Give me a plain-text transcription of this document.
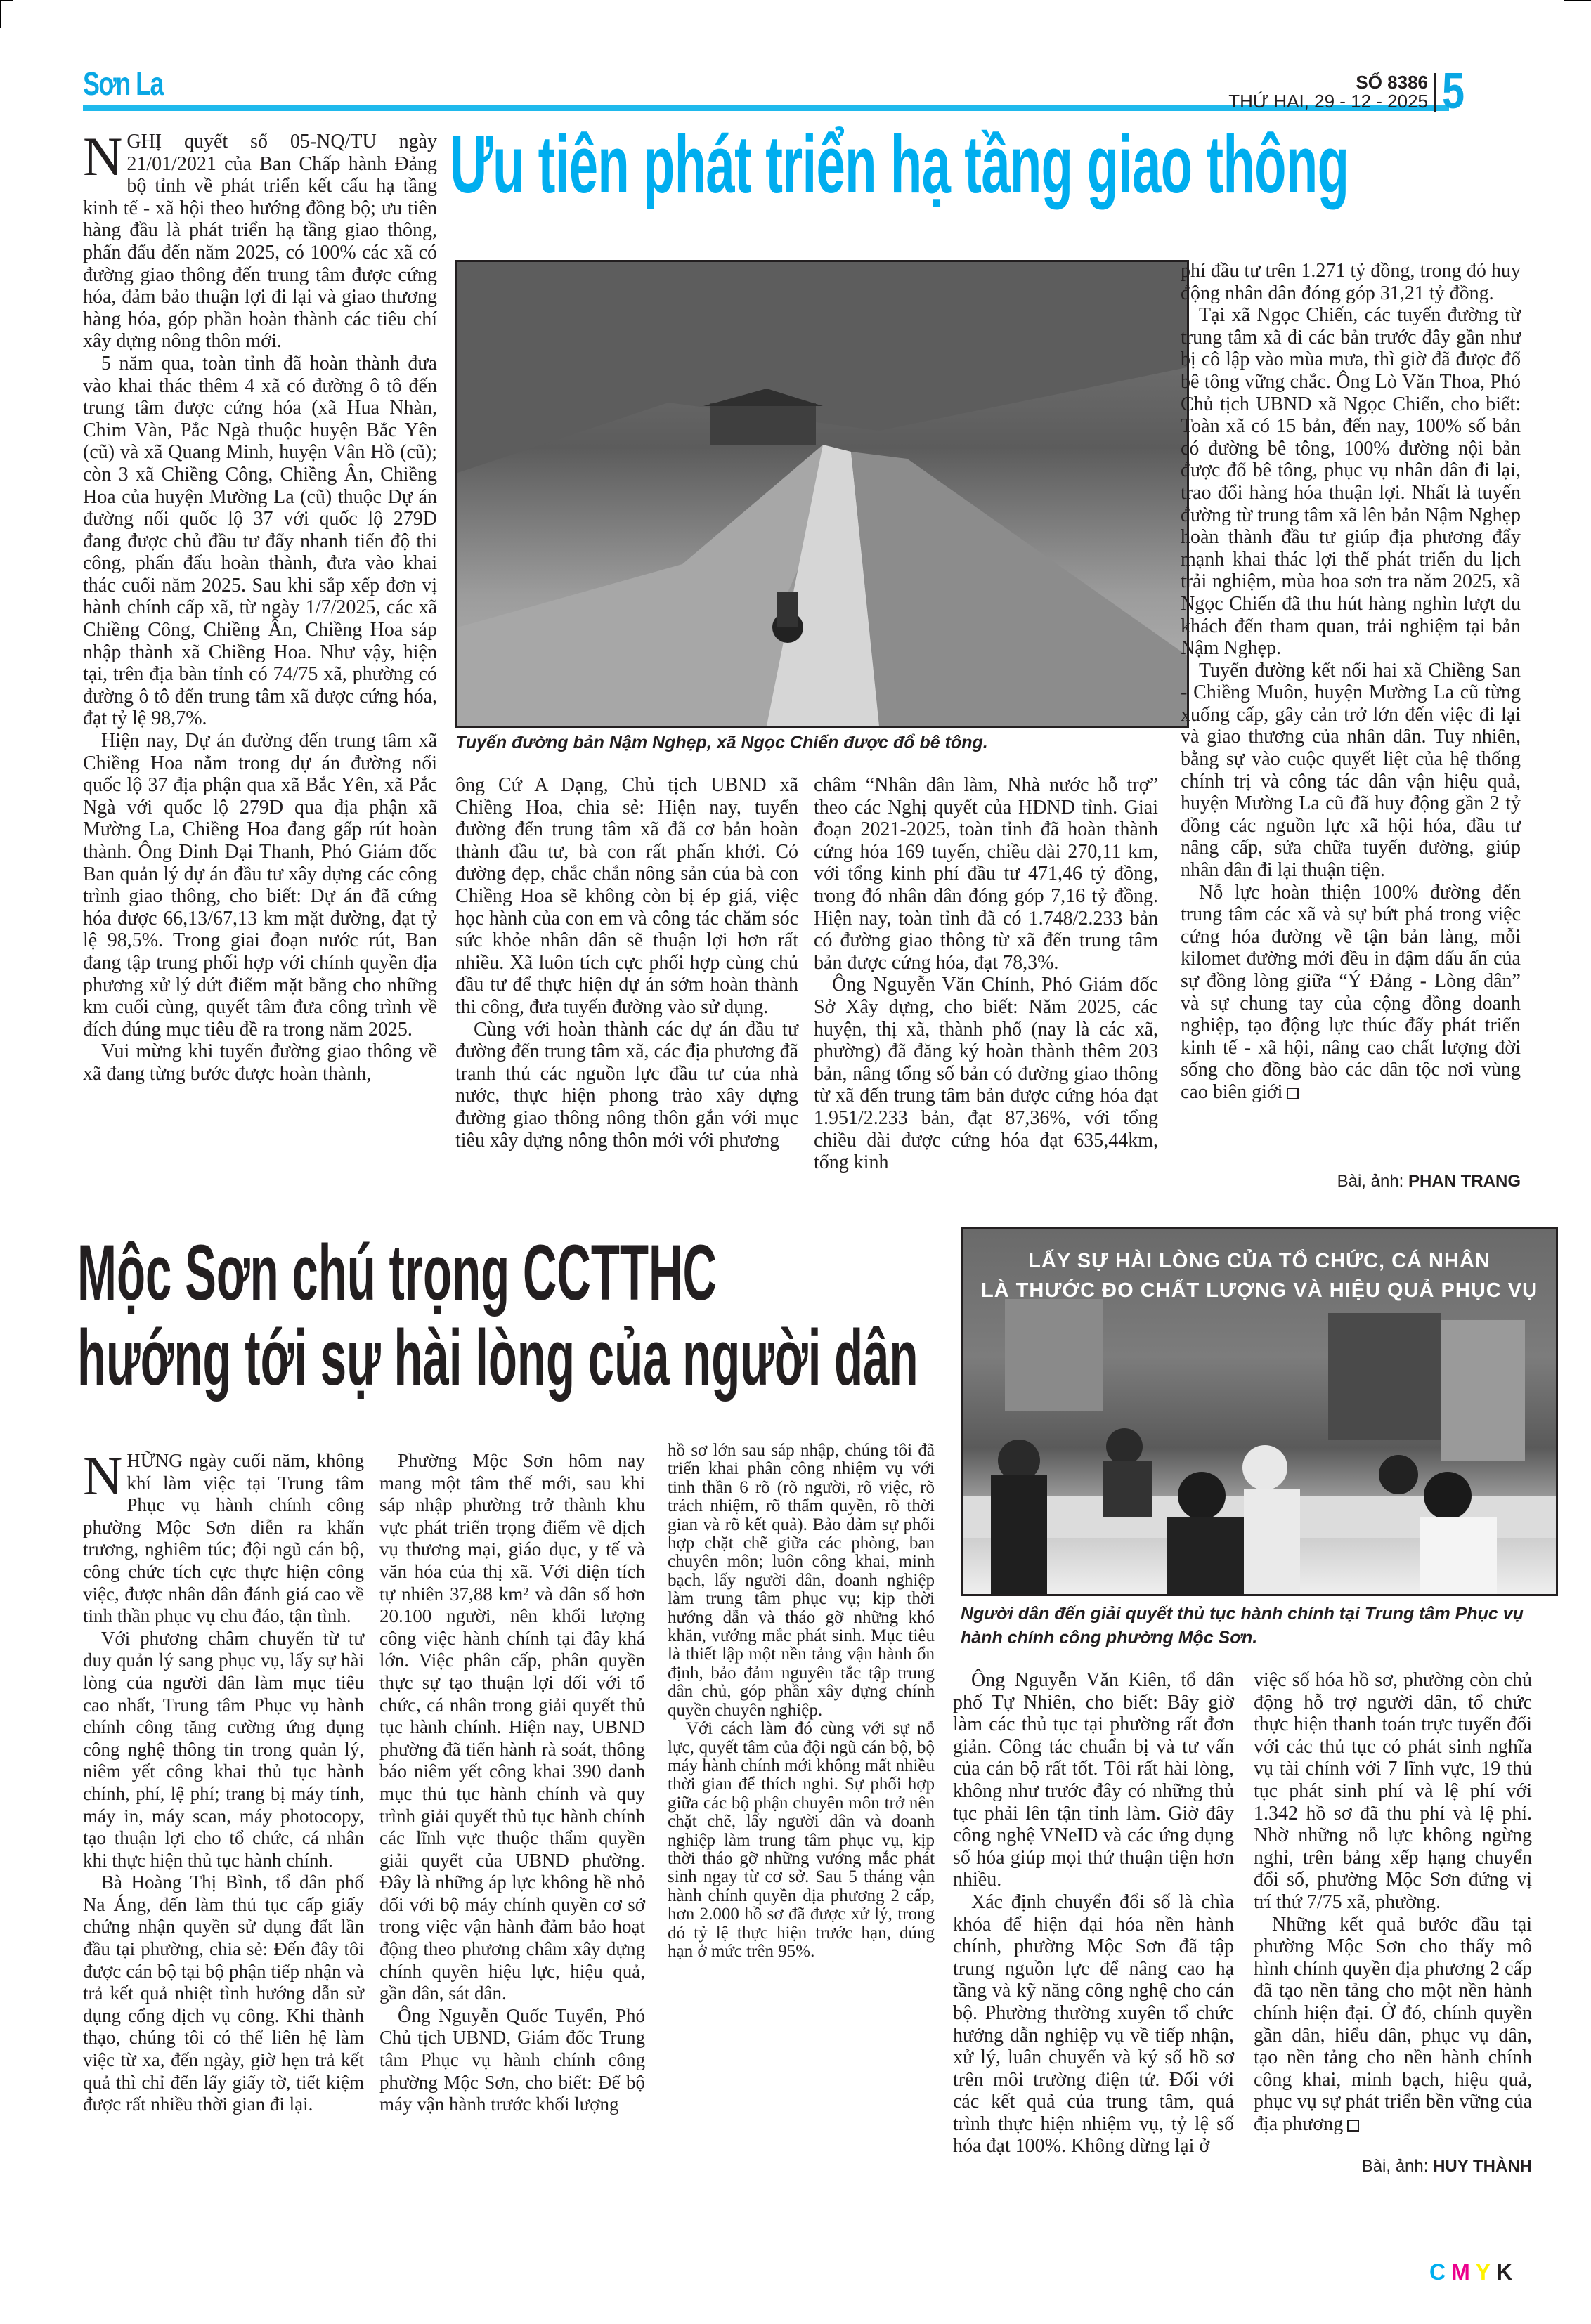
Sơn La	SỐ 8386
THỨ HAI, 29 - 12 - 2025 5
Ưu tiên phát triển hạ tầng giao thông
Tuyến đường bản Nậm Nghẹp, xã Ngọc Chiến được đổ bê tông.

NGHỊ quyết số 05-NQ/TU ngày 21/01/2021 của Ban Chấp hành Đảng bộ tỉnh về phát triển kết cấu hạ tầng kinh tế - xã hội theo hướng đồng bộ; ưu tiên hàng đầu là phát triển hạ tầng giao thông, phấn đấu đến năm 2025, có 100% các xã có đường giao thông đến trung tâm được cứng hóa, đảm bảo thuận lợi đi lại và giao thương hàng hóa, góp phần hoàn thành các tiêu chí xây dựng nông thôn mới.

5 năm qua, toàn tỉnh đã hoàn thành đưa vào khai thác thêm 4 xã có đường ô tô đến trung tâm được cứng hóa (xã Hua Nhàn, Chim Vàn, Pắc Ngà thuộc huyện Bắc Yên (cũ) và xã Quang Minh, huyện Vân Hồ (cũ); còn 3 xã Chiềng Công, Chiềng Ân, Chiềng Hoa của huyện Mường La (cũ) thuộc Dự án đường nối quốc lộ 37 với quốc lộ 279D đang được chủ đầu tư đẩy nhanh tiến độ thi công, phấn đấu hoàn thành, đưa vào khai thác cuối năm 2025. Sau khi sắp xếp đơn vị hành chính cấp xã, từ ngày 1/7/2025, các xã Chiềng Công, Chiềng Ân, Chiềng Hoa sáp nhập thành xã Chiềng Hoa. Như vậy, hiện tại, trên địa bàn tỉnh có 74/75 xã, phường có đường ô tô đến trung tâm xã được cứng hóa, đạt tỷ lệ 98,7%.

Hiện nay, Dự án đường đến trung tâm xã Chiềng Hoa nằm trong dự án đường nối quốc lộ 37 địa phận qua xã Bắc Yên, xã Pắc Ngà với quốc lộ 279D qua địa phận xã Mường La, Chiềng Hoa đang gấp rút hoàn thành. Ông Đinh Đại Thanh, Phó Giám đốc Ban quản lý dự án đầu tư xây dựng các công trình giao thông, cho biết: Dự án đã cứng hóa được 66,13/67,13 km mặt đường, đạt tỷ lệ 98,5%. Trong giai đoạn nước rút, Ban đang tập trung phối hợp với chính quyền địa phương xử lý dứt điểm mặt bằng cho những km cuối cùng, quyết tâm đưa công trình về đích đúng mục tiêu đề ra trong năm 2025.

Vui mừng khi tuyến đường giao thông về xã đang từng bước được hoàn thành,

ông Cứ A Dạng, Chủ tịch UBND xã Chiềng Hoa, chia sẻ: Hiện nay, tuyến đường đến trung tâm xã đã cơ bản hoàn thành đầu tư, bà con rất phấn khởi. Có đường đẹp, chắc chắn nông sản của bà con Chiềng Hoa sẽ không còn bị ép giá, việc học hành của con em và công tác chăm sóc sức khỏe nhân dân sẽ thuận lợi hơn rất nhiều. Xã luôn tích cực phối hợp cùng chủ đầu tư để thực hiện dự án sớm hoàn thành thi công, đưa tuyến đường vào sử dụng.

Cùng với hoàn thành các dự án đầu tư đường đến trung tâm xã, các địa phương đã tranh thủ các nguồn lực đầu tư của nhà nước, thực hiện phong trào xây dựng đường giao thông nông thôn gắn với mục tiêu xây dựng nông thôn mới với phương

châm “Nhân dân làm, Nhà nước hỗ trợ” theo các Nghị quyết của HĐND tỉnh. Giai đoạn 2021-2025, toàn tỉnh đã hoàn thành cứng hóa 169 tuyến, chiều dài 270,11 km, với tổng kinh phí đầu tư 471,46 tỷ đồng, trong đó nhân dân đóng góp 7,16 tỷ đồng. Hiện nay, toàn tỉnh đã có 1.748/2.233 bản có đường giao thông từ xã đến trung tâm bản được cứng hóa, đạt 78,3%.

Ông Nguyễn Văn Chính, Phó Giám đốc Sở Xây dựng, cho biết: Năm 2025, các huyện, thị xã, thành phố (nay là các xã, phường) đã đăng ký hoàn thành thêm 203 bản, nâng tổng số bản có đường giao thông từ xã đến trung tâm bản được cứng hóa đạt 1.951/2.233 bản, đạt 87,36%, với tổng chiều dài được cứng hóa đạt 635,44km, tổng kinh

phí đầu tư trên 1.271 tỷ đồng, trong đó huy động nhân dân đóng góp 31,21 tỷ đồng.

Tại xã Ngọc Chiến, các tuyến đường từ trung tâm xã đi các bản trước đây gần như bị cô lập vào mùa mưa, thì giờ đã được đổ bê tông vững chắc. Ông Lò Văn Thoa, Phó Chủ tịch UBND xã Ngọc Chiến, cho biết: Toàn xã có 15 bản, đến nay, 100% số bản có đường bê tông, 100% đường nội bản được đổ bê tông, phục vụ nhân dân đi lại, trao đổi hàng hóa thuận lợi. Nhất là tuyến đường từ trung tâm xã lên bản Nậm Nghẹp hoàn thành đầu tư giúp địa phương đẩy mạnh khai thác lợi thế phát triển du lịch trải nghiệm, mùa hoa sơn tra năm 2025, xã Ngọc Chiến đã thu hút hàng nghìn lượt du khách đến tham quan, trải nghiệm tại bản Nậm Nghẹp.

Tuyến đường kết nối hai xã Chiềng San - Chiềng Muôn, huyện Mường La cũ từng xuống cấp, gây cản trở lớn đến việc đi lại và giao thương của nhân dân. Tuy nhiên, bằng sự vào cuộc quyết liệt của hệ thống chính trị và công tác dân vận hiệu quả, huyện Mường La cũ đã huy động gần 2 tỷ đồng các nguồn lực xã hội hóa, đầu tư nâng cấp, sửa chữa tuyến đường, giúp nhân dân đi lại thuận tiện.

Nỗ lực hoàn thiện 100% đường đến trung tâm các xã và sự bứt phá trong việc cứng hóa đường về tận bản làng, mỗi kilomet đường mới đều in đậm dấu ấn của sự đồng lòng giữa “Ý Đảng - Lòng dân” và sự chung tay của cộng đồng doanh nghiệp, tạo động lực thúc đẩy phát triển kinh tế - xã hội, nâng cao chất lượng đời sống cho đồng bào các dân tộc nơi vùng cao biên giới

Bài, ảnh: PHAN TRANG
Mộc Sơn chú trọng CCTTHC
hướng tới sự hài lòng của người dân
LẤY SỰ HÀI LÒNG CỦA TỔ CHỨC, CÁ NHÂN
LÀ THƯỚC ĐO CHẤT LƯỢNG VÀ HIỆU QUẢ PHỤC VỤ
Người dân đến giải quyết thủ tục hành chính tại Trung tâm Phục vụ hành chính công phường Mộc Sơn.

NHỮNG ngày cuối năm, không khí làm việc tại Trung tâm Phục vụ hành chính công phường Mộc Sơn diễn ra khẩn trương, nghiêm túc; đội ngũ cán bộ, công chức tích cực thực hiện công việc, được nhân dân đánh giá cao về tinh thần phục vụ chu đáo, tận tình.

Với phương châm chuyển từ tư duy quản lý sang phục vụ, lấy sự hài lòng của người dân làm mục tiêu cao nhất, Trung tâm Phục vụ hành chính công tăng cường ứng dụng công nghệ thông tin trong quản lý, niêm yết công khai thủ tục hành chính, phí, lệ phí; trang bị máy tính, máy in, máy scan, máy photocopy, tạo thuận lợi cho tổ chức, cá nhân khi thực hiện thủ tục hành chính.

Bà Hoàng Thị Bình, tổ dân phố Na Áng, đến làm thủ tục cấp giấy chứng nhận quyền sử dụng đất lần đầu tại phường, chia sẻ: Đến đây tôi được cán bộ tại bộ phận tiếp nhận và trả kết quả nhiệt tình hướng dẫn sử dụng cổng dịch vụ công. Khi thành thạo, chúng tôi có thể liên hệ làm việc từ xa, đến ngày, giờ hẹn trả kết quả thì chỉ đến lấy giấy tờ, tiết kiệm được rất nhiều thời gian đi lại.

Phường Mộc Sơn hôm nay mang một tâm thế mới, sau khi sáp nhập phường trở thành khu vực phát triển trọng điểm về dịch vụ thương mại, giáo dục, y tế và văn hóa của thị xã. Với diện tích tự nhiên 37,88 km² và dân số hơn 20.100 người, nên khối lượng công việc hành chính tại đây khá lớn. Việc phân cấp, phân quyền thực sự tạo thuận lợi đối với tổ chức, cá nhân trong giải quyết thủ tục hành chính. Hiện nay, UBND phường đã tiến hành rà soát, thông báo niêm yết công khai 390 danh mục thủ tục hành chính và quy trình giải quyết thủ tục hành chính các lĩnh vực thuộc thẩm quyền giải quyết của UBND phường. Đây là những áp lực không hề nhỏ đối với bộ máy chính quyền cơ sở trong việc vận hành đảm bảo hoạt động theo phương châm xây dựng chính quyền hiệu lực, hiệu quả, gần dân, sát dân.

Ông Nguyễn Quốc Tuyển, Phó Chủ tịch UBND, Giám đốc Trung tâm Phục vụ hành chính công phường Mộc Sơn, cho biết: Để bộ máy vận hành trước khối lượng

hồ sơ lớn sau sáp nhập, chúng tôi đã triển khai phân công nhiệm vụ với tinh thần 6 rõ (rõ người, rõ việc, rõ trách nhiệm, rõ thẩm quyền, rõ thời gian và rõ kết quả). Bảo đảm sự phối hợp chặt chẽ giữa các phòng, ban chuyên môn; luôn công khai, minh bạch, lấy người dân, doanh nghiệp làm trung tâm phục vụ; kịp thời hướng dẫn và tháo gỡ những khó khăn, vướng mắc phát sinh. Mục tiêu là thiết lập một nền tảng vận hành ổn định, bảo đảm nguyên tắc tập trung dân chủ, góp phần xây dựng chính quyền chuyên nghiệp.

Với cách làm đó cùng với sự nỗ lực, quyết tâm của đội ngũ cán bộ, bộ máy hành chính mới không mất nhiều thời gian để thích nghi. Sự phối hợp giữa các bộ phận chuyên môn trở nên chặt chẽ, lấy người dân và doanh nghiệp làm trung tâm phục vụ, kịp thời tháo gỡ những vướng mắc phát sinh ngay từ cơ sở. Sau 5 tháng vận hành chính quyền địa phương 2 cấp, hơn 2.000 hồ sơ đã được xử lý, trong đó tỷ lệ thực hiện trước hạn, đúng hạn ở mức trên 95%.

Ông Nguyễn Văn Kiên, tổ dân phố Tự Nhiên, cho biết: Bây giờ làm các thủ tục tại phường rất đơn giản. Công tác chuẩn bị và tư vấn của cán bộ rất tốt. Tôi rất hài lòng, không như trước đây có những thủ tục phải lên tận tỉnh làm. Giờ đây công nghệ VNeID và các ứng dụng số hóa giúp mọi thứ thuận tiện hơn nhiều.

Xác định chuyển đổi số là chìa khóa để hiện đại hóa nền hành chính, phường Mộc Sơn đã tập trung nguồn lực để nâng cao hạ tầng và kỹ năng công nghệ cho cán bộ. Phường thường xuyên tổ chức hướng dẫn nghiệp vụ về tiếp nhận, xử lý, luân chuyển và ký số hồ sơ trên môi trường điện tử. Đối với các kết quả của trung tâm, quá trình thực hiện nhiệm vụ, tỷ lệ số hóa đạt 100%. Không dừng lại ở

việc số hóa hồ sơ, phường còn chủ động hỗ trợ người dân, tổ chức thực hiện thanh toán trực tuyến đối với các thủ tục có phát sinh nghĩa vụ tài chính với 7 lĩnh vực, 19 thủ tục phát sinh phí và lệ phí với 1.342 hồ sơ đã thu phí và lệ phí. Nhờ những nỗ lực không ngừng nghỉ, trên bảng xếp hạng chuyển đổi số, phường Mộc Sơn đứng vị trí thứ 7/75 xã, phường.

Những kết quả bước đầu tại phường Mộc Sơn cho thấy mô hình chính quyền địa phương 2 cấp đã tạo nền tảng cho một nền hành chính hiện đại. Ở đó, chính quyền gần dân, hiểu dân, phục vụ dân, tạo nền tảng cho nền hành chính công khai, minh bạch, hiệu quả, phục vụ sự phát triển bền vững của địa phương

Bài, ảnh: HUY THÀNH
CMYK
